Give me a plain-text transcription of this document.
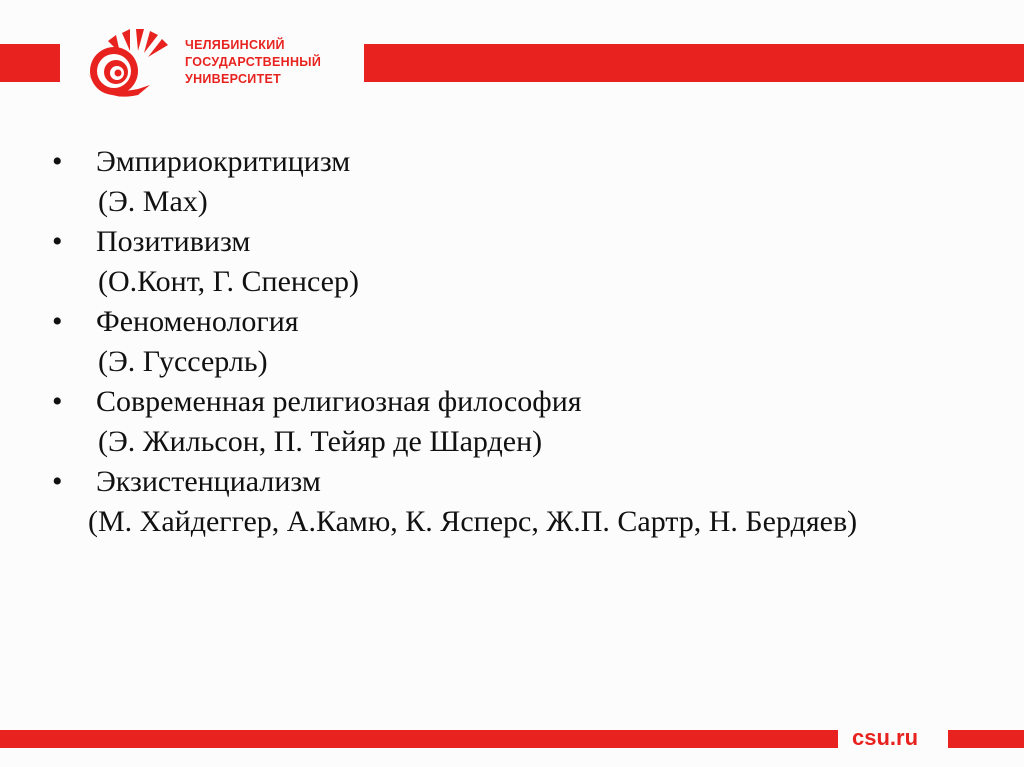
ЧЕЛЯБИНСКИЙ
ГОСУДАРСТВЕННЫЙ
УНИВЕРСИТЕТ
•	Эмпириокритицизм
(Э. Мах)
•	Позитивизм
(О.Конт, Г. Спенсер)
•	Феноменология
(Э. Гуссерль)
•	Современная религиозная философия
(Э. Жильсон, П. Тейяр де Шарден)
•	Экзистенциализм
(М. Хайдеггер, А.Камю, К. Ясперс, Ж.П. Сартр, Н. Бердяев)
csu.ru
